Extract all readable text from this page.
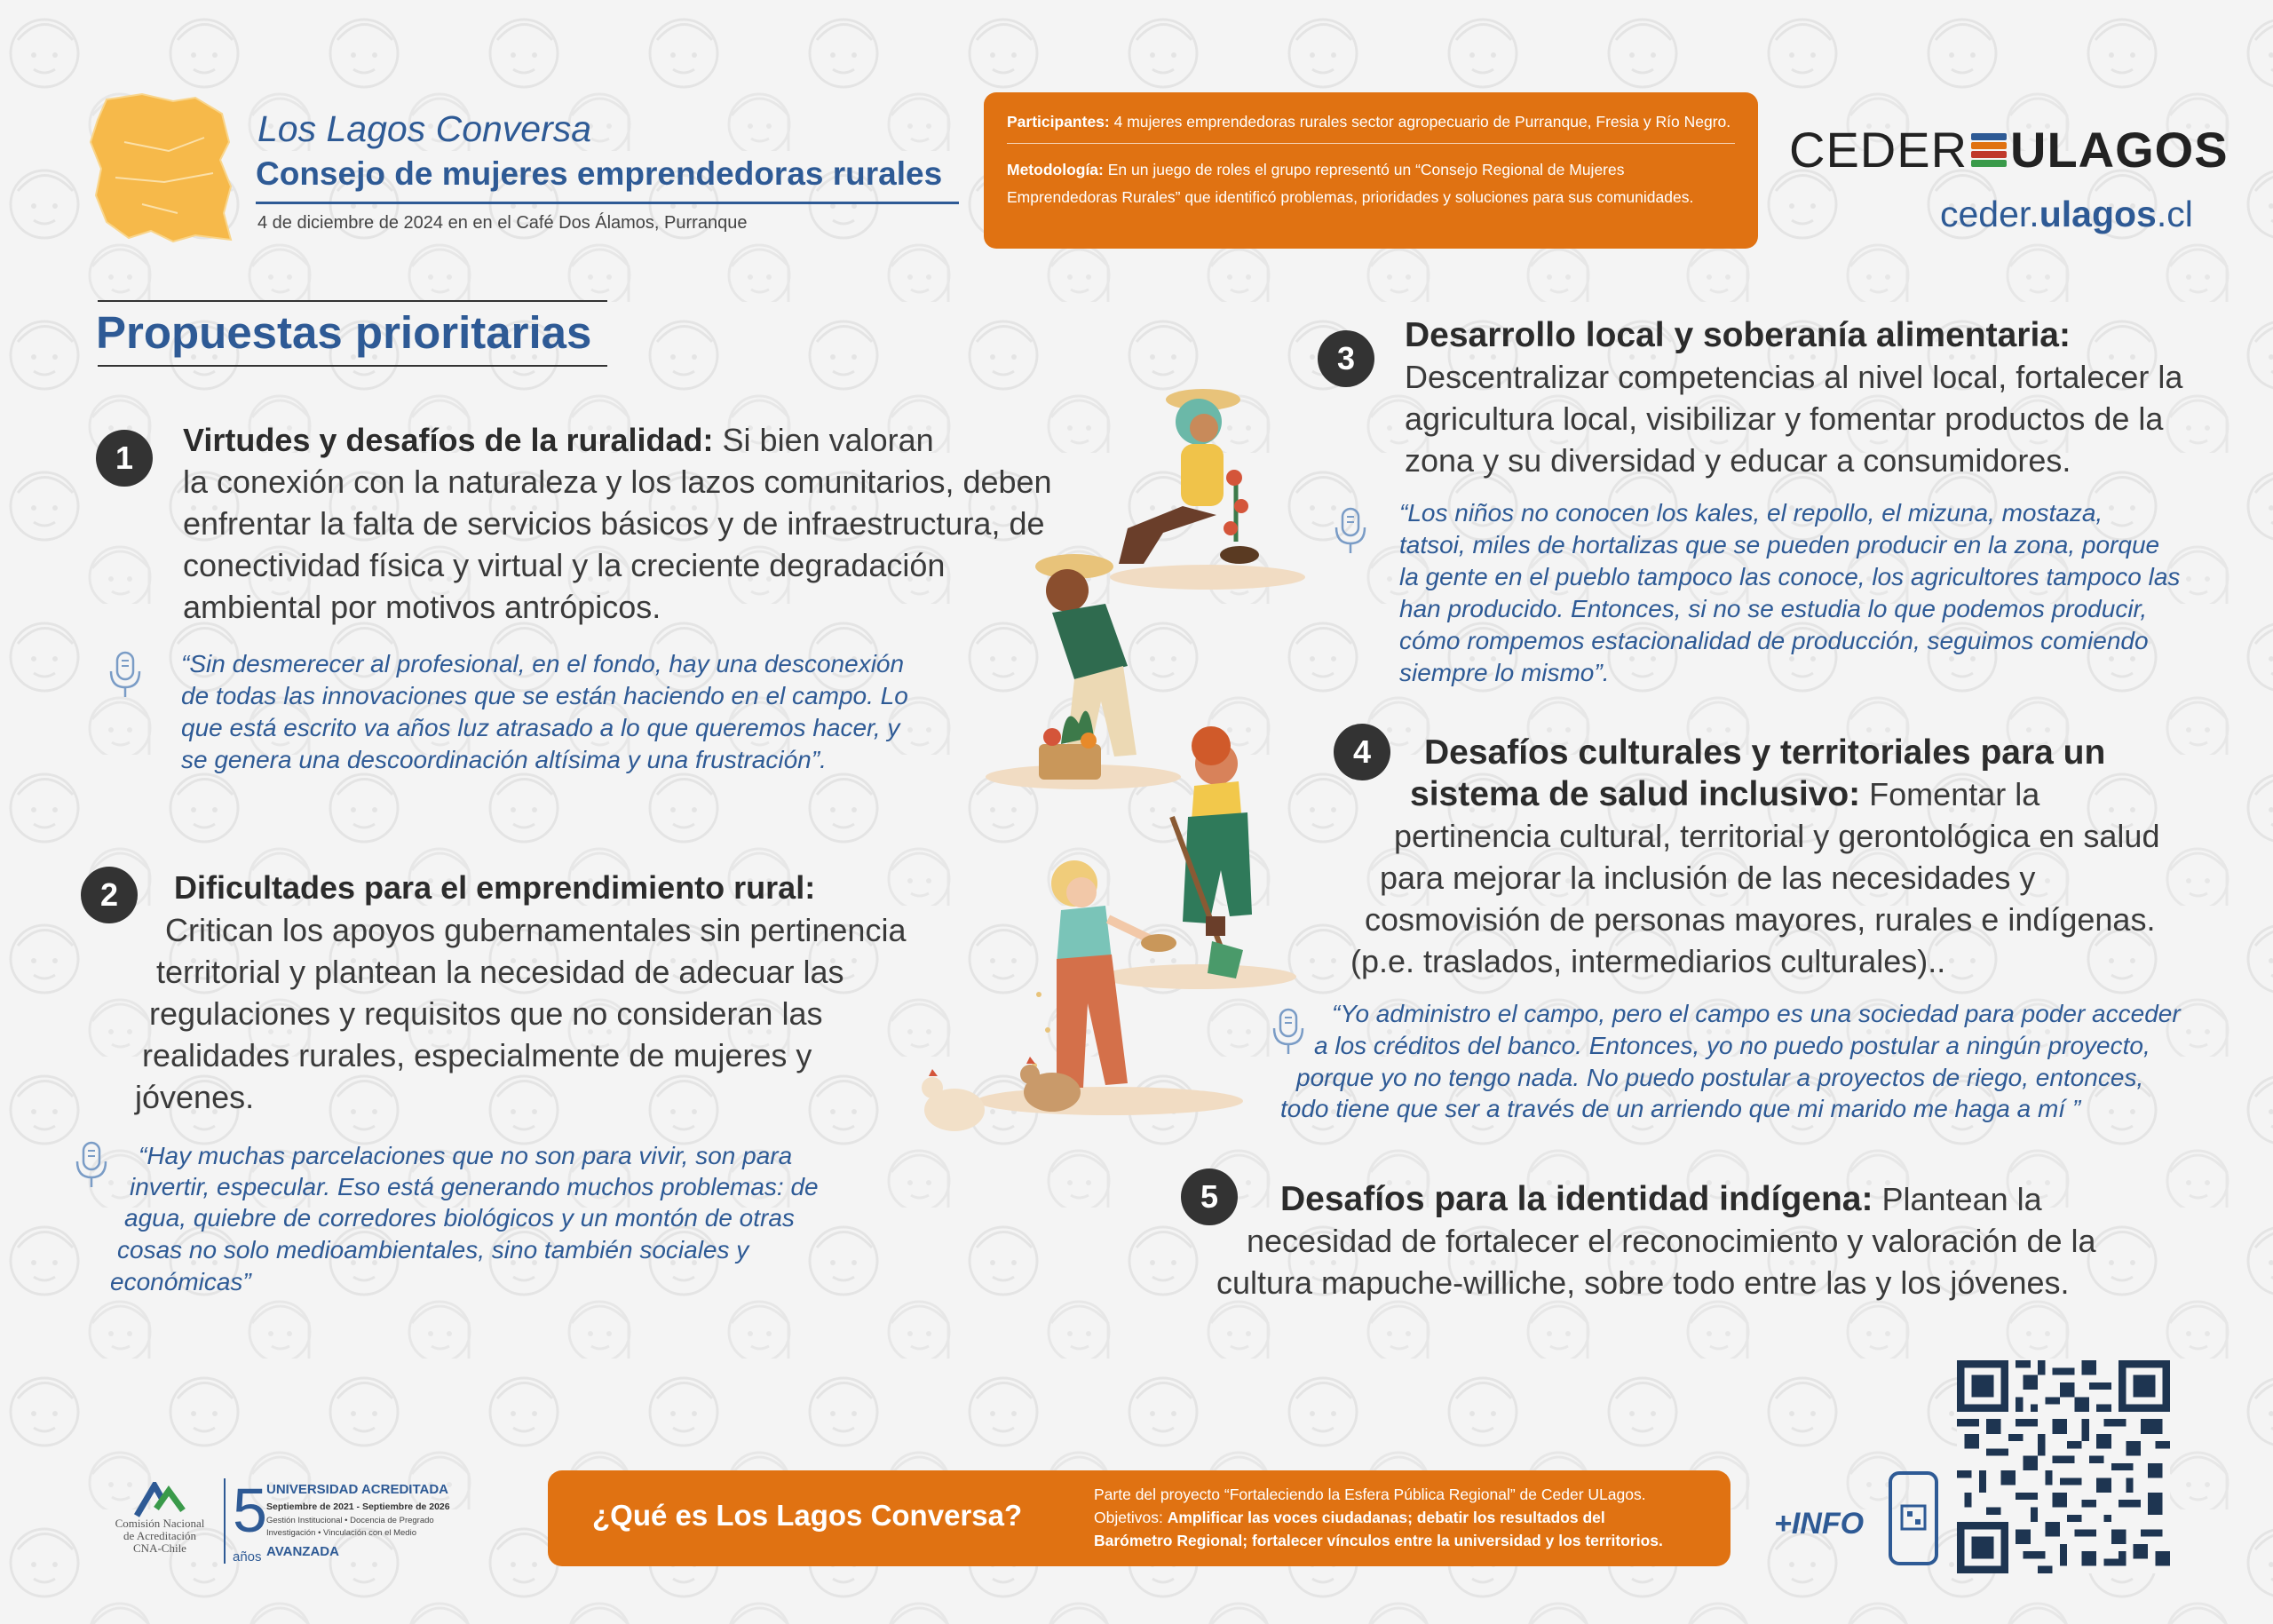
Los Lagos Conversa
Consejo de mujeres emprendedoras rurales
4 de diciembre de 2024 en en el Café Dos Álamos, Purranque
Participantes: 4 mujeres emprendedoras rurales sector agropecuario de Purranque, Fresia y Río Negro.
Metodología: En un juego de roles el grupo representó un “Consejo Regional de Mujeres Emprendedoras Rurales” que identificó problemas, prioridades y soluciones para sus comunidades.
CEDER ULAGOS
ceder.ulagos.cl
Propuestas prioritarias
1	Virtudes y desafíos de la ruralidad: Si bien valoran
la conexión con la naturaleza y los lazos comunitarios, deben
enfrentar la falta de servicios básicos y de infraestructura, de
conectividad física y virtual y la creciente degradación
ambiental por motivos antrópicos.
“Sin desmerecer al profesional, en el fondo, hay una desconexión
de todas las innovaciones que se están haciendo en el campo. Lo
que está escrito va años luz atrasado a lo que queremos hacer, y
se genera una descoordinación altísima y una frustración”.
2	Dificultades para el emprendimiento rural:
Critican los apoyos gubernamentales sin pertinencia
territorial y plantean la necesidad de adecuar las
regulaciones y requisitos que no consideran las
realidades rurales, especialmente de mujeres y
jóvenes.
“Hay muchas parcelaciones que no son para vivir, son para
invertir, especular. Eso está generando muchos problemas: de
agua, quiebre de corredores biológicos y un montón de otras
cosas no solo medioambientales, sino también sociales y
económicas”
3
Desarrollo local y soberanía alimentaria:
Descentralizar competencias al nivel local, fortalecer la
agricultura local, visibilizar y fomentar productos de la
zona y su diversidad y educar a consumidores.
“Los niños no conocen los kales, el repollo, el mizuna, mostaza,
tatsoi, miles de hortalizas que se pueden producir en la zona, porque
la gente en el pueblo tampoco las conoce, los agricultores tampoco las
han producido. Entonces, si no se estudia lo que podemos producir,
cómo rompemos estacionalidad de producción, seguimos comiendo
siempre lo mismo”.
4	Desafíos culturales y territoriales para un
sistema de salud inclusivo: Fomentar la
pertinencia cultural, territorial y gerontológica en salud
para mejorar la inclusión de las necesidades y
cosmovisión de personas mayores, rurales e indígenas.
(p.e. traslados, intermediarios culturales)..
“Yo administro el campo, pero el campo es una sociedad para poder acceder
a los créditos del banco. Entonces, yo no puedo postular a ningún proyecto,
porque yo no tengo nada. No puedo postular a proyectos de riego, entonces,
todo tiene que ser a través de un arriendo que mi marido me haga a mí ”
5	Desafíos para la identidad indígena: Plantean la
necesidad de fortalecer el reconocimiento y valoración de la
cultura mapuche-williche, sobre todo entre las y los jóvenes.
Comisión Nacional
de Acreditación
CNA-Chile
5
años
UNIVERSIDAD ACREDITADA
Septiembre de 2021 - Septiembre de 2026
Gestión Institucional • Docencia de Pregrado
Investigación • Vinculación con el Medio
AVANZADA
¿Qué es Los Lagos Conversa?
Parte del proyecto “Fortaleciendo la Esfera Pública Regional” de Ceder ULagos.
Objetivos: Amplificar las voces ciudadanas; debatir los resultados del
Barómetro Regional; fortalecer vínculos entre la universidad y los territorios.	+INFO
